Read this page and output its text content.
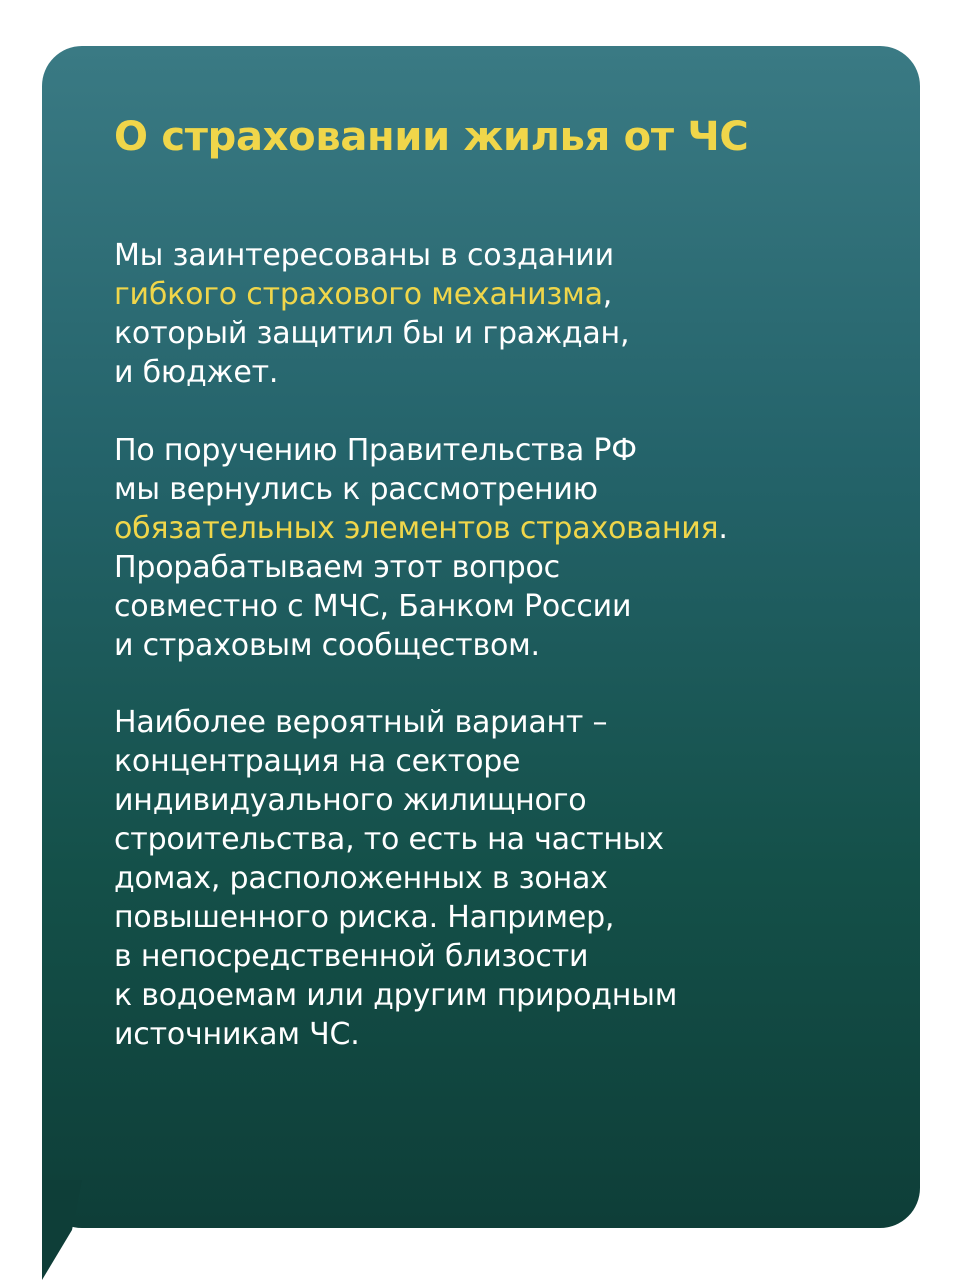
О страховании жилья от ЧС

Мы заинтересованы в создании
гибкого страхового механизма,
который защитил бы и граждан,
и бюджет.

По поручению Правительства РФ
мы вернулись к рассмотрению
обязательных элементов страхования.
Прорабатываем этот вопрос
совместно с МЧС, Банком России
и страховым сообществом.

Наиболее вероятный вариант –
концентрация на секторе
индивидуального жилищного
строительства, то есть на частных
домах, расположенных в зонах
повышенного риска. Например,
в непосредственной близости
к водоемам или другим природным
источникам ЧС.
